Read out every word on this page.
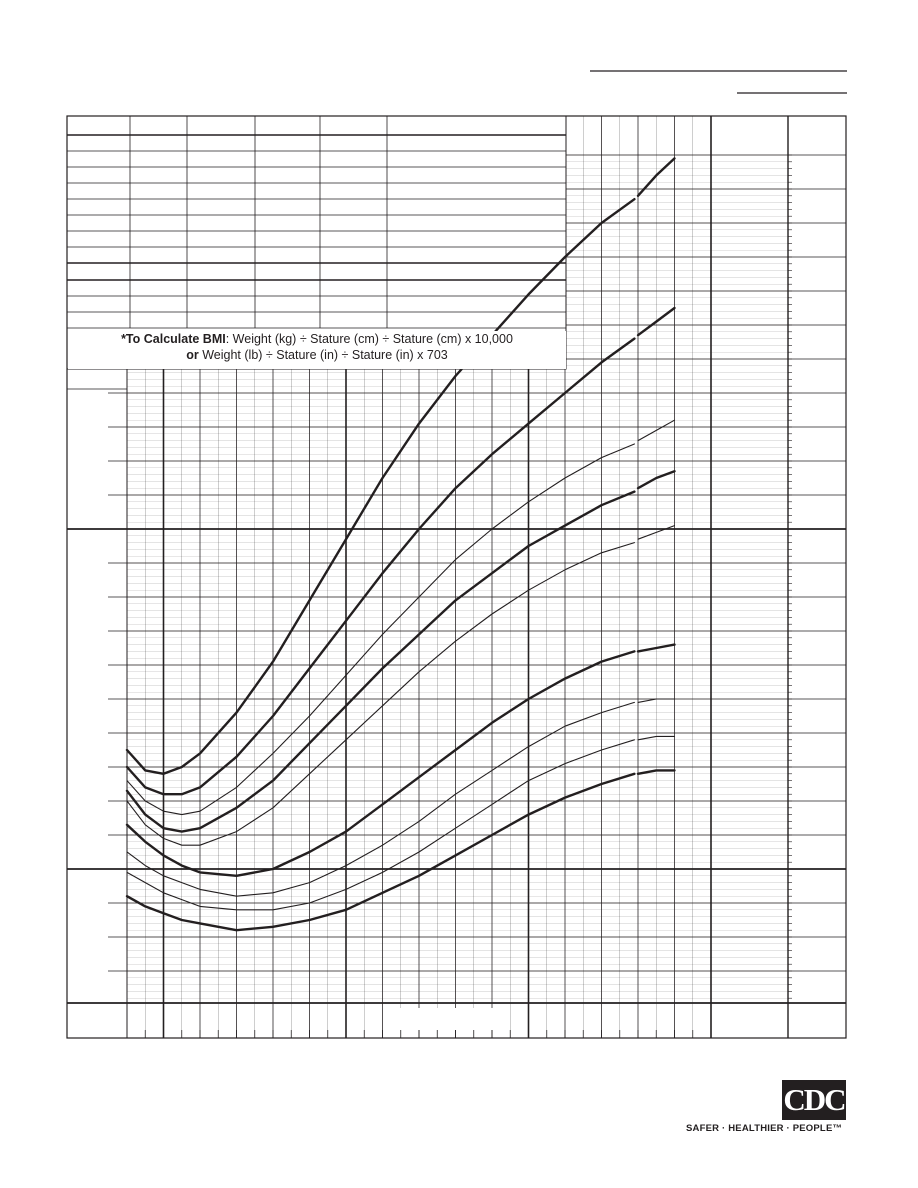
*To Calculate BMI: Weight (kg) ÷ Stature (cm) ÷ Stature (cm) x 10,000
or Weight (lb) ÷ Stature (in) ÷ Stature (in) x 703
CDC
SAFER · HEALTHIER · PEOPLE™
